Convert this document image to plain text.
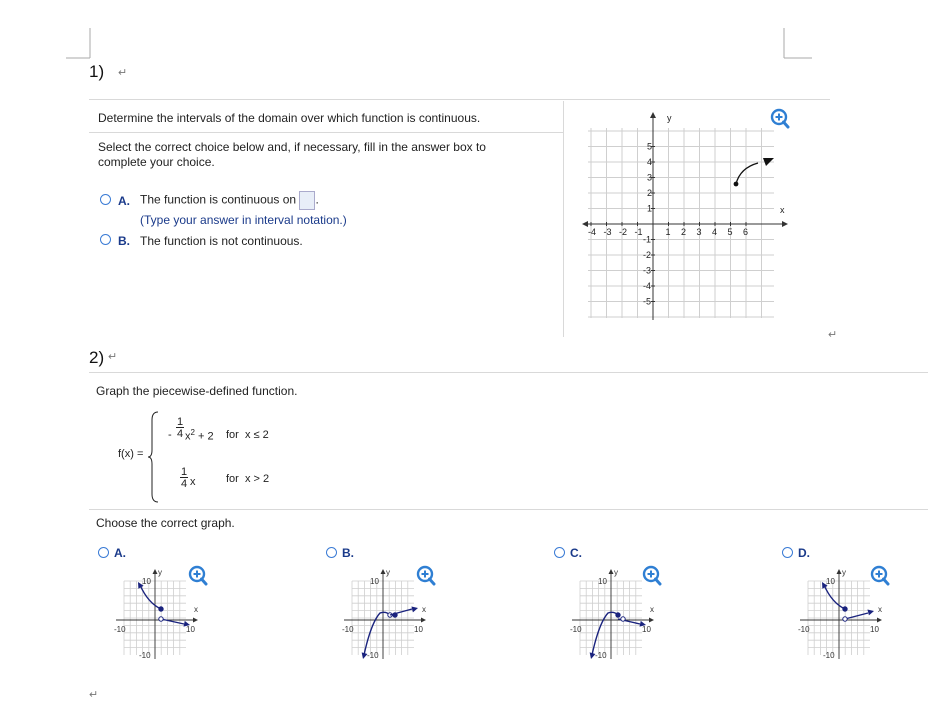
1) ↵
Determine the intervals of the domain over which function is continuous.
Select the correct choice below and, if necessary, fill in the answer box to
complete your choice.
A. The function is continuous on .
(Type your answer in interval notation.)
B. The function is not continuous.
y
x
-4 -3 -2 -1	1 2 3 4 5 6
5
4
3
2
1
-1
-2
-3
-4
-5
↵
2) ↵
Graph the piecewise-defined function.
f(x) =
-
1
4 $x^2 + 2$ for  x ≤ 2
1
4 x	for  x > 2
Choose the correct graph.
A.	B.	C.	D.
y
x
10
-10
-10	10
y
x
10
-10
-10	10
y
x
10
-10
-10	10
y
x
10
-10
-10	10
↵
